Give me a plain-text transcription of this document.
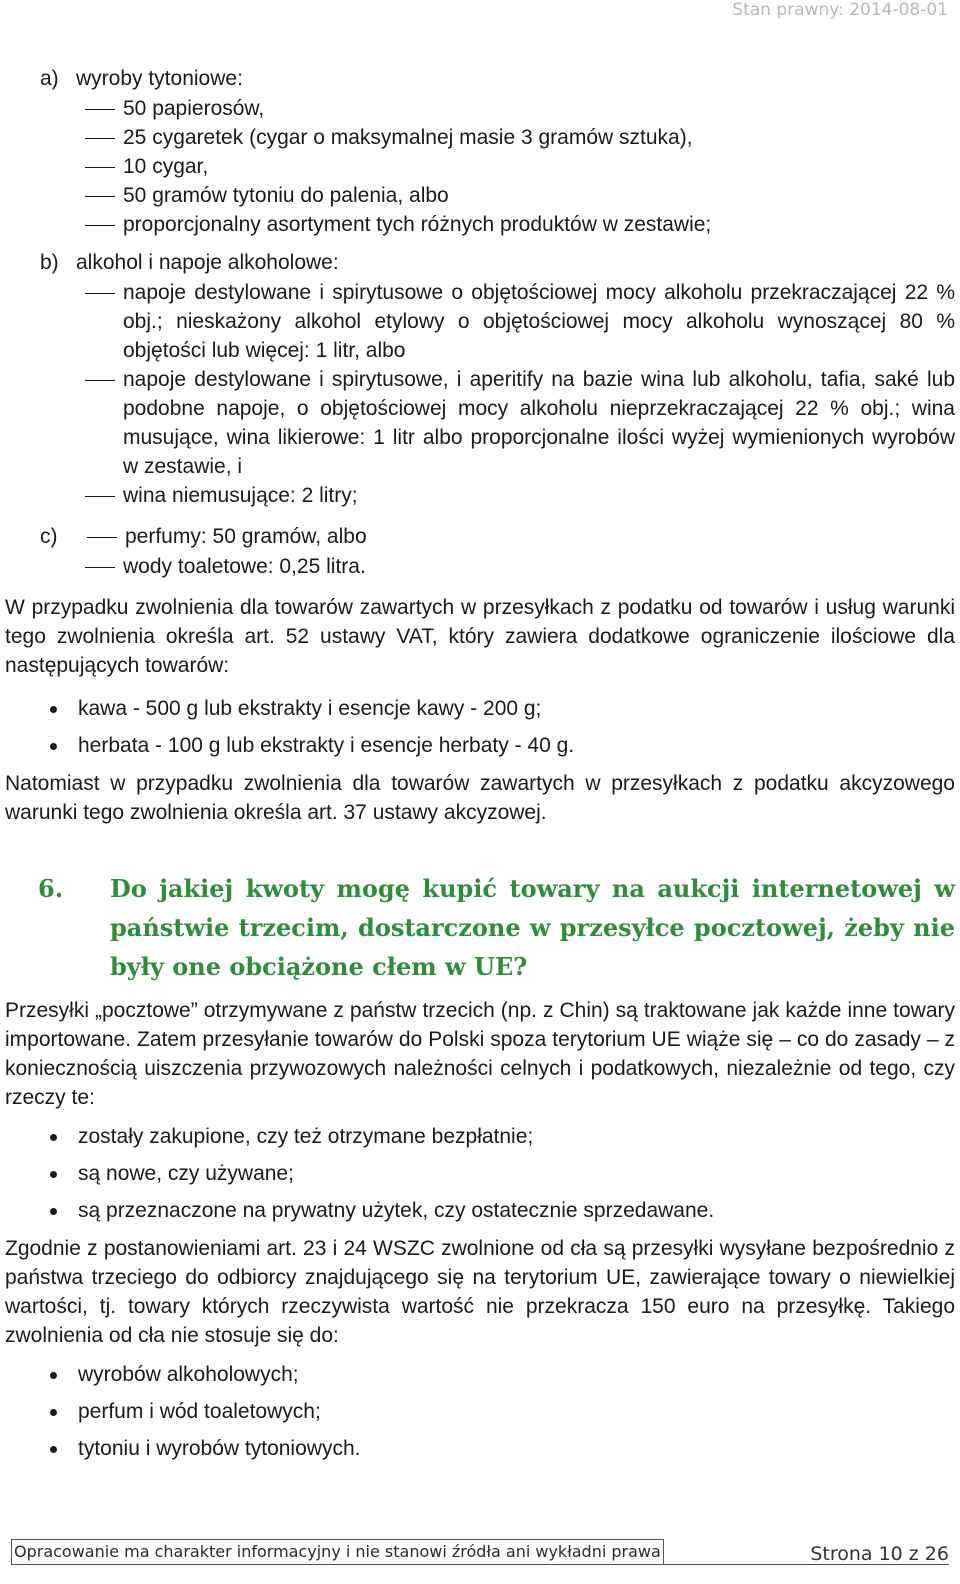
Stan prawny: 2014-08-01
a) wyroby tytoniowe:
50 papierosów,
25 cygaretek (cygar o maksymalnej masie 3 gramów sztuka),
10 cygar,
50 gramów tytoniu do palenia, albo
proporcjonalny asortyment tych różnych produktów w zestawie;
b) alkohol i napoje alkoholowe:
napoje destylowane i spirytusowe o objętościowej mocy alkoholu przekraczającej 22 % obj.; nieskażony alkohol etylowy o objętościowej mocy alkoholu wynoszącej 80 % objętości lub więcej: 1 litr, albo
napoje destylowane i spirytusowe, i aperitify na bazie wina lub alkoholu, tafia, saké lub podobne napoje, o objętościowej mocy alkoholu nieprzekraczającej 22 % obj.; wina musujące, wina likierowe: 1 litr albo proporcjonalne ilości wyżej wymienionych wyrobów w zestawie, i
wina niemusujące: 2 litry;
c)	perfumy: 50 gramów, albo
wody toaletowe: 0,25 litra.
W przypadku zwolnienia dla towarów zawartych w przesyłkach z podatku od towarów i usług warunki tego zwolnienia określa art. 52 ustawy VAT, który zawiera dodatkowe ograniczenie ilościowe dla następujących towarów:
kawa - 500 g lub ekstrakty i esencje kawy - 200 g;
herbata - 100 g lub ekstrakty i esencje herbaty - 40 g.
Natomiast w przypadku zwolnienia dla towarów zawartych w przesyłkach z podatku akcyzowego warunki tego zwolnienia określa art. 37 ustawy akcyzowej.
6.	Do jakiej kwoty mogę kupić towary na aukcji internetowej w państwie trzecim, dostarczone w przesyłce pocztowej, żeby nie były one obciążone cłem w UE?
Przesyłki „pocztowe” otrzymywane z państw trzecich (np. z Chin) są traktowane jak każde inne towary importowane. Zatem przesyłanie towarów do Polski spoza terytorium UE wiąże się – co do zasady – z koniecznością uiszczenia przywozowych należności celnych i podatkowych, niezależnie od tego, czy rzeczy te:
zostały zakupione, czy też otrzymane bezpłatnie;
są nowe, czy używane;
są przeznaczone na prywatny użytek, czy ostatecznie sprzedawane.
Zgodnie z postanowieniami art. 23 i 24 WSZC zwolnione od cła są przesyłki wysyłane bezpośrednio z państwa trzeciego do odbiorcy znajdującego się na terytorium UE, zawierające towary o niewielkiej wartości, tj. towary których rzeczywista wartość nie przekracza 150 euro na przesyłkę. Takiego zwolnienia od cła nie stosuje się do:
wyrobów alkoholowych;
perfum i wód toaletowych;
tytoniu i wyrobów tytoniowych.
Opracowanie ma charakter informacyjny i nie stanowi źródła ani wykładni prawa	Strona 10 z 26
